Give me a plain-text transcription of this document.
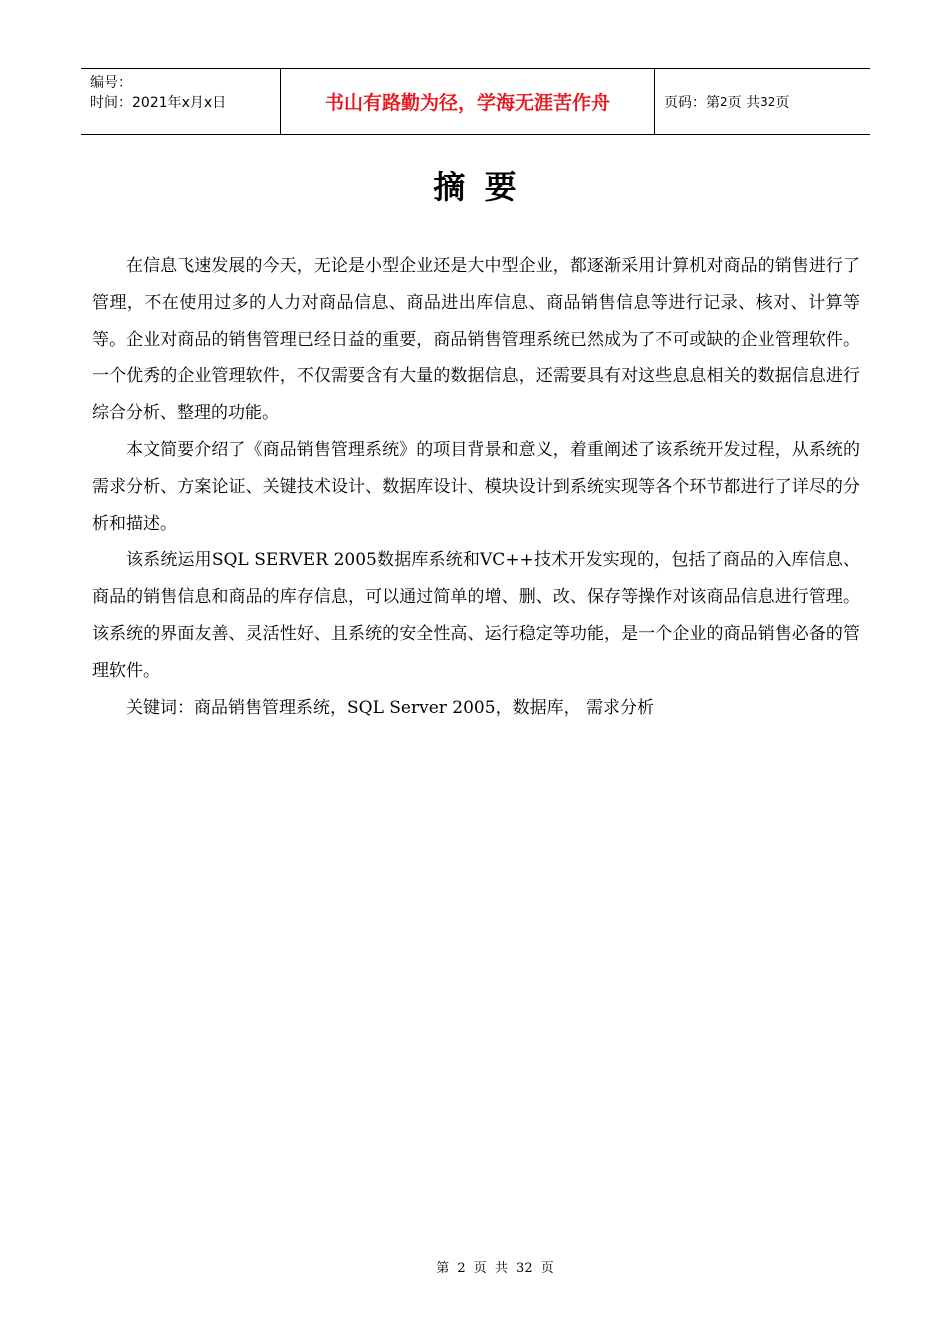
编号：
时间：2021年x月x日	书山有路勤为径，学海无涯苦作舟	页码：第 2 页 共 32 页
摘要

在信息飞速发展的今天，无论是小型企业还是大中型企业，都逐渐采用计算机对商品的销售进行了管理，不在使用过多的人力对商品信息、商品进出库信息、商品销售信息等进行记录、核对、计算等等。企业对商品的销售管理已经日益的重要，商品销售管理系统已然成为了不可或缺的企业管理软件。一个优秀的企业管理软件，不仅需要含有大量的数据信息，还需要具有对这些息息相关的数据信息进行综合分析、整理的功能。

本文简要介绍了《商品销售管理系统》的项目背景和意义，着重阐述了该系统开发过程，从系统的需求分析、方案论证、关键技术设计、数据库设计、模块设计到系统实现等各个环节都进行了详尽的分析和描述。

该系统运用SQL SERVER 2005数据库系统和VC++技术开发实现的，包括了商品的入库信息、商品的销售信息和商品的库存信息，可以通过简单的增、删、改、保存等操作对该商品信息进行管理。该系统的界面友善、灵活性好、且系统的安全性高、运行稳定等功能，是一个企业的商品销售必备的管理软件。

关键词：商品销售管理系统，SQL Server 2005，数据库， 需求分析

第 2 页 共 32 页
